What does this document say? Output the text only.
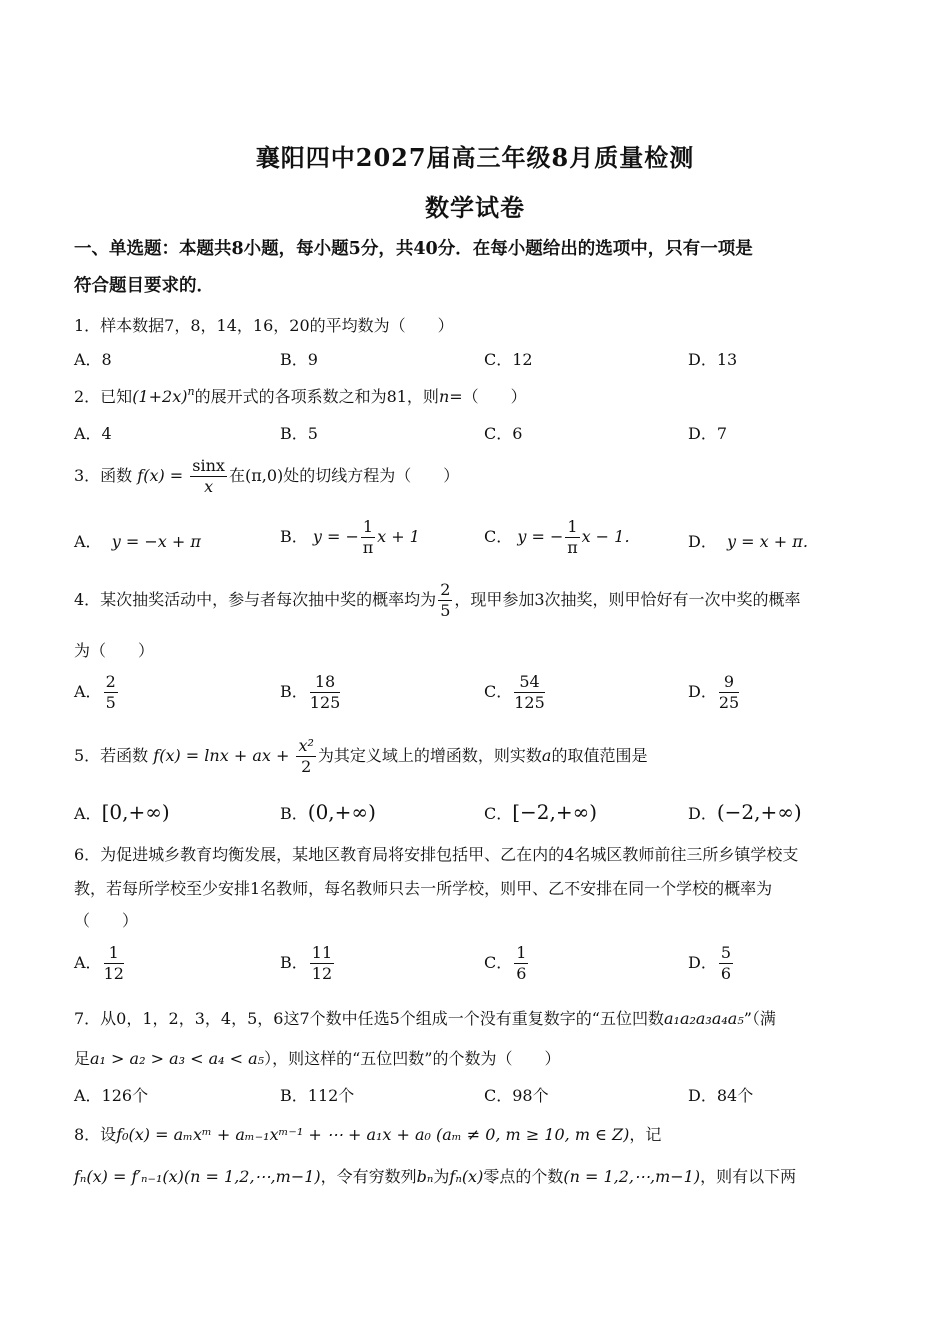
襄阳四中2027届高三年级8月质量检测
数学试卷
一、单选题：本题共8小题，每小题5分，共40分．在每小题给出的选项中，只有一项是
符合题目要求的．
1．样本数据7，8，14，16，20的平均数为（　　）
A．8	B．9	C．12	D．13
2．已知$(1+2x)^n$的展开式的各项系数之和为81，则n=（　　）
A．4	B．5	C．6	D．7
3．函数 $f(x) = \frac{\sin x}{x}$ 在(π,0)处的切线方程为（　　）
A． y = −x + π	B． y = − $\frac{1}{\pi}$ x + 1	C． y = − $\frac{1}{\pi}$ x − 1．	D． y = x + π．
4．某次抽奖活动中，参与者每次抽中奖的概率均为 $\frac{2}{5}$ ，现甲参加3次抽奖，则甲恰好有一次中奖的概率
为（　　）
A． $\frac{2}{5}$	B． $\frac{18}{125}$	C． $\frac{54}{125}$	D． $\frac{9}{25}$
5．若函数 f(x) = lnx + ax + $\frac{\text{x²}}{2}$ 为其定义域上的增函数，则实数a的取值范围是
A．[0,+∞)	B．(0,+∞)	C．[−2,+∞)	D．(−2,+∞)
6．为促进城乡教育均衡发展，某地区教育局将安排包括甲、乙在内的4名城区教师前往三所乡镇学校支
教，若每所学校至少安排1名教师，每名教师只去一所学校，则甲、乙不安排在同一个学校的概率为
（　　）
A． $\frac{1}{12}$	B． $\frac{11}{12}$	C． $\frac{1}{6}$	D． $\frac{5}{6}$
7．从0，1，2，3，4，5，6这7个数中任选5个组成一个没有重复数字的“五位凹数a₁a₂a₃a₄a₅”（满
足a₁ > a₂ > a₃ < a₄ < a₅），则这样的“五位凹数”的个数为（　　）
A．126个	B．112个	C．98个	D．84个
8．设f₀(x) = aₘxᵐ + aₘ₋₁xᵐ⁻¹ + ⋯ + a₁x + a₀ (aₘ ≠ 0, m ≥ 10, m ∈ Z)，记
fₙ(x) = f′ₙ₋₁(x)(n = 1,2,⋯,m−1)，令有穷数列bₙ为fₙ(x)零点的个数(n = 1,2,⋯,m−1)，则有以下两
